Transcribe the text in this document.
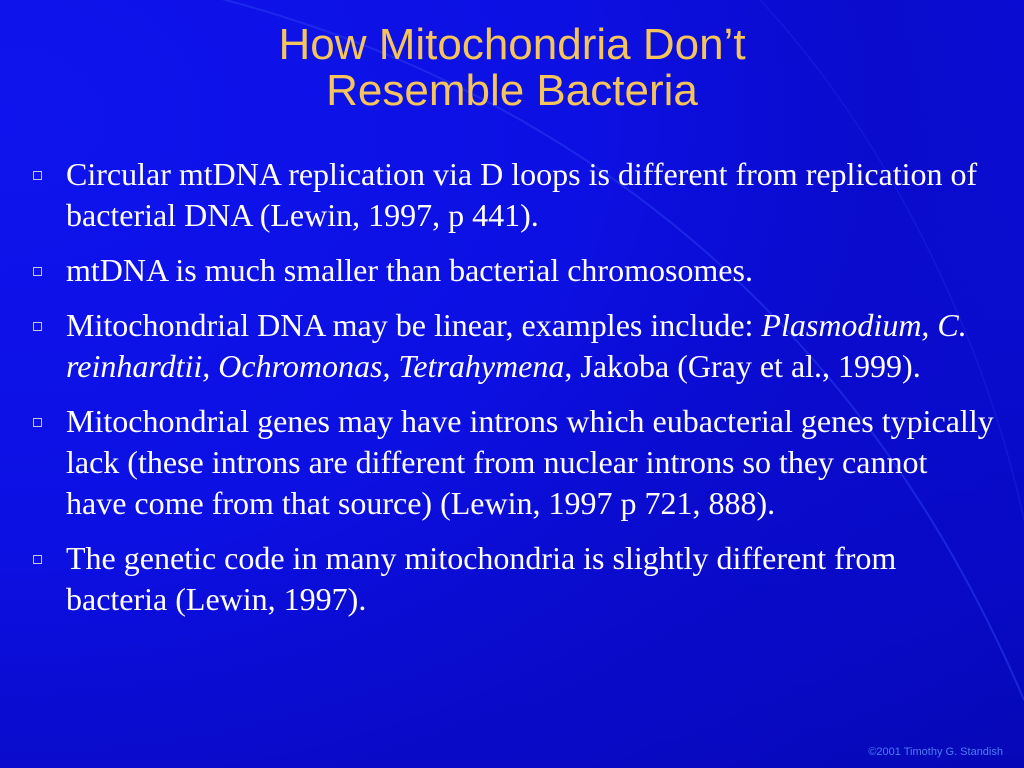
How Mitochondria Don’t
Resemble Bacteria
Circular mtDNA replication via D loops is different from replication of bacterial DNA (Lewin, 1997, p 441).
mtDNA is much smaller than bacterial chromosomes.
Mitochondrial DNA may be linear, examples include: Plasmodium, C. reinhardtii, Ochromonas, Tetrahymena, Jakoba (Gray et al., 1999).
Mitochondrial genes may have introns which eubacterial genes typically lack (these introns are different from nuclear introns so they cannot have come from that source) (Lewin, 1997 p 721, 888).
The genetic code in many mitochondria is slightly different from bacteria (Lewin, 1997).
©2001 Timothy G. Standish
